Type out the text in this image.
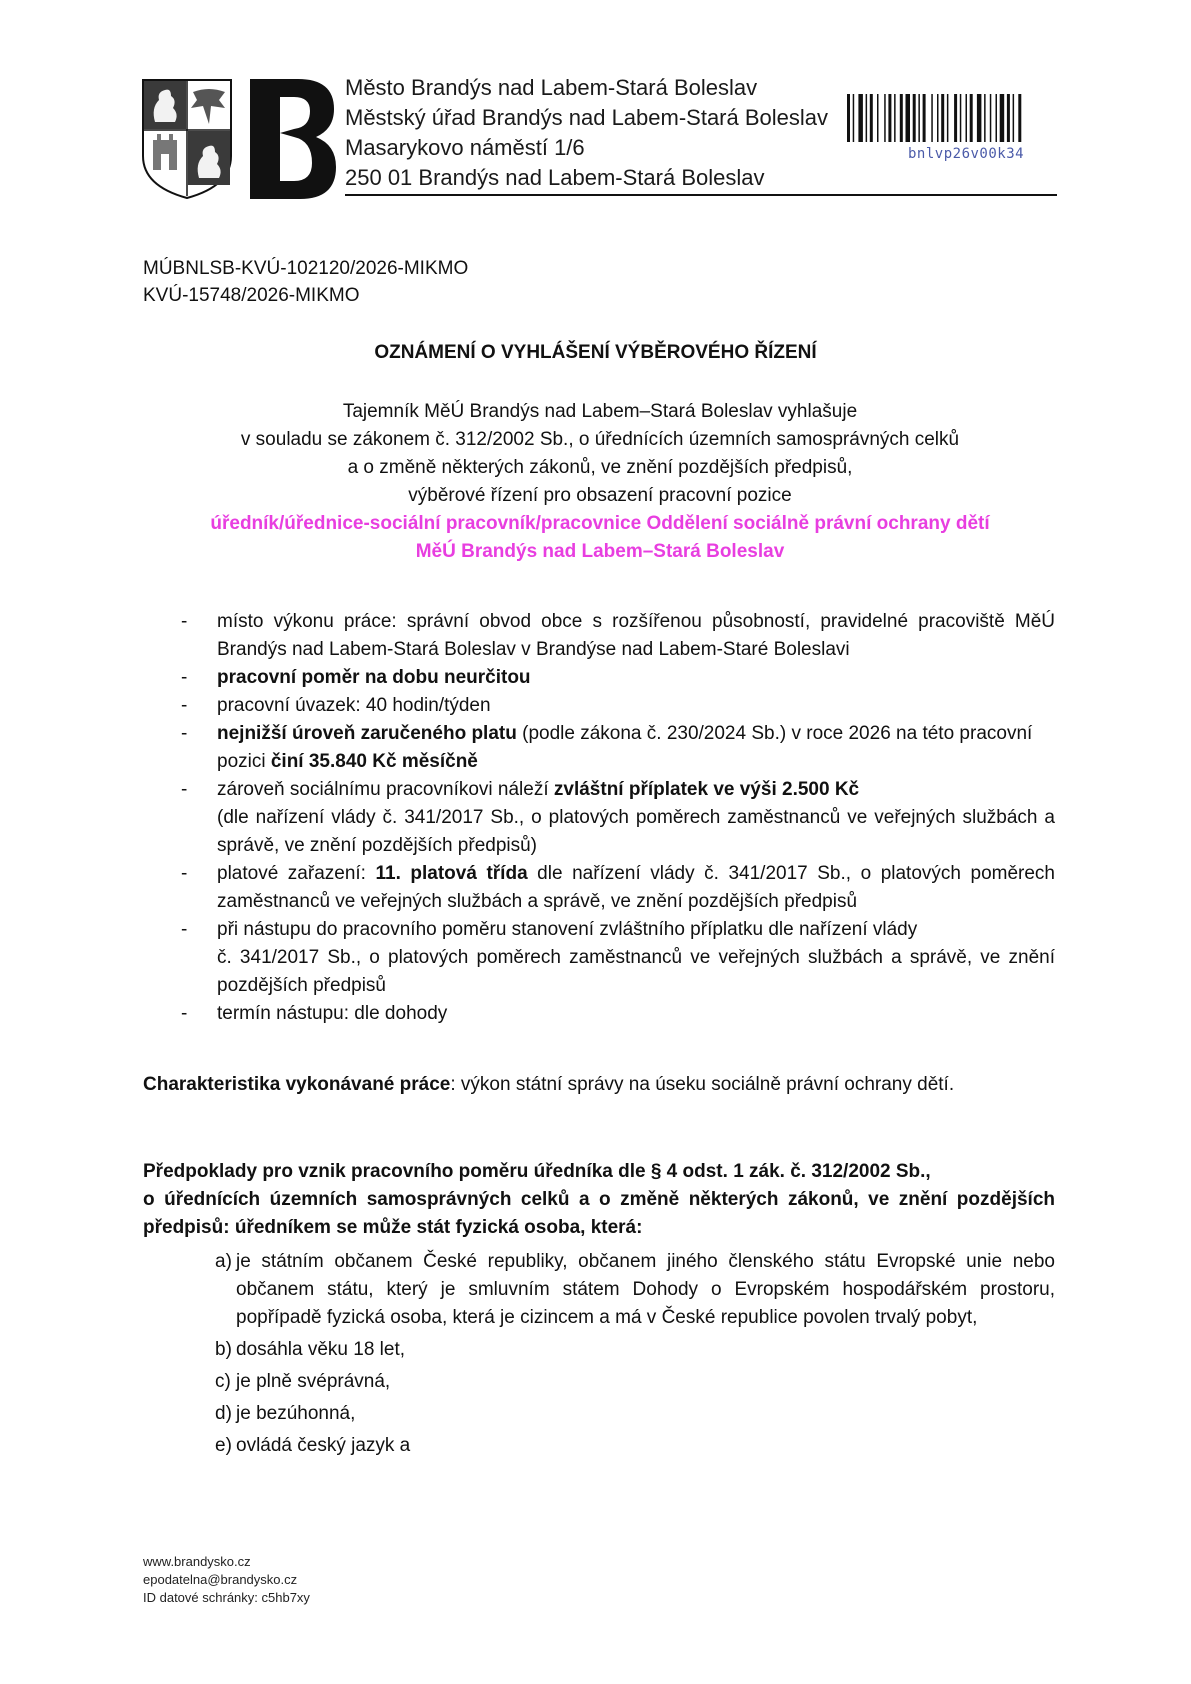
Město Brandýs nad Labem-Stará Boleslav
Městský úřad Brandýs nad Labem-Stará Boleslav
Masarykovo náměstí 1/6
250 01 Brandýs nad Labem-Stará Boleslav
bnlvp26v00k34
MÚBNLSB-KVÚ-102120/2026-MIKMO
KVÚ-15748/2026-MIKMO
OZNÁMENÍ O VYHLÁŠENÍ VÝBĚROVÉHO ŘÍZENÍ
Tajemník MěÚ Brandýs nad Labem–Stará Boleslav vyhlašuje
v souladu se zákonem č. 312/2002 Sb., o úřednících územních samosprávných celků
a o změně některých zákonů, ve znění pozdějších předpisů,
výběrové řízení pro obsazení pracovní pozice
úředník/úřednice-sociální pracovník/pracovnice Oddělení sociálně právní ochrany dětí
MěÚ Brandýs nad Labem–Stará Boleslav
- místo výkonu práce: správní obvod obce s rozšířenou působností, pravidelné pracoviště MěÚ Brandýs nad Labem-Stará Boleslav v Brandýse nad Labem-Staré Boleslavi
- pracovní poměr na dobu neurčitou
- pracovní úvazek: 40 hodin/týden
- nejnižší úroveň zaručeného platu (podle zákona č. 230/2024 Sb.) v roce 2026 na této pracovní pozici činí 35.840 Kč měsíčně
- zároveň sociálnímu pracovníkovi náleží zvláštní příplatek ve výši 2.500 Kč
(dle nařízení vlády č. 341/2017 Sb., o platových poměrech zaměstnanců ve veřejných službách a správě, ve znění pozdějších předpisů)
- platové zařazení: 11. platová třída dle nařízení vlády č. 341/2017 Sb., o platových poměrech zaměstnanců ve veřejných službách a správě, ve znění pozdějších předpisů
- při nástupu do pracovního poměru stanovení zvláštního příplatku dle nařízení vlády
č. 341/2017 Sb., o platových poměrech zaměstnanců ve veřejných službách a správě, ve znění pozdějších předpisů
- termín nástupu: dle dohody
Charakteristika vykonávané práce: výkon státní správy na úseku sociálně právní ochrany dětí.
Předpoklady pro vznik pracovního poměru úředníka dle § 4 odst. 1 zák. č. 312/2002 Sb.,
o úřednících územních samosprávných celků a o změně některých zákonů, ve znění pozdějších předpisů: úředníkem se může stát fyzická osoba, která:
a) je státním občanem České republiky, občanem jiného členského státu Evropské unie nebo občanem státu, který je smluvním státem Dohody o Evropském hospodářském prostoru, popřípadě fyzická osoba, která je cizincem a má v České republice povolen trvalý pobyt,
b) dosáhla věku 18 let,
c) je plně svéprávná,
d) je bezúhonná,
e) ovládá český jazyk a
www.brandysko.cz
epodatelna@brandysko.cz
ID datové schránky: c5hb7xy
